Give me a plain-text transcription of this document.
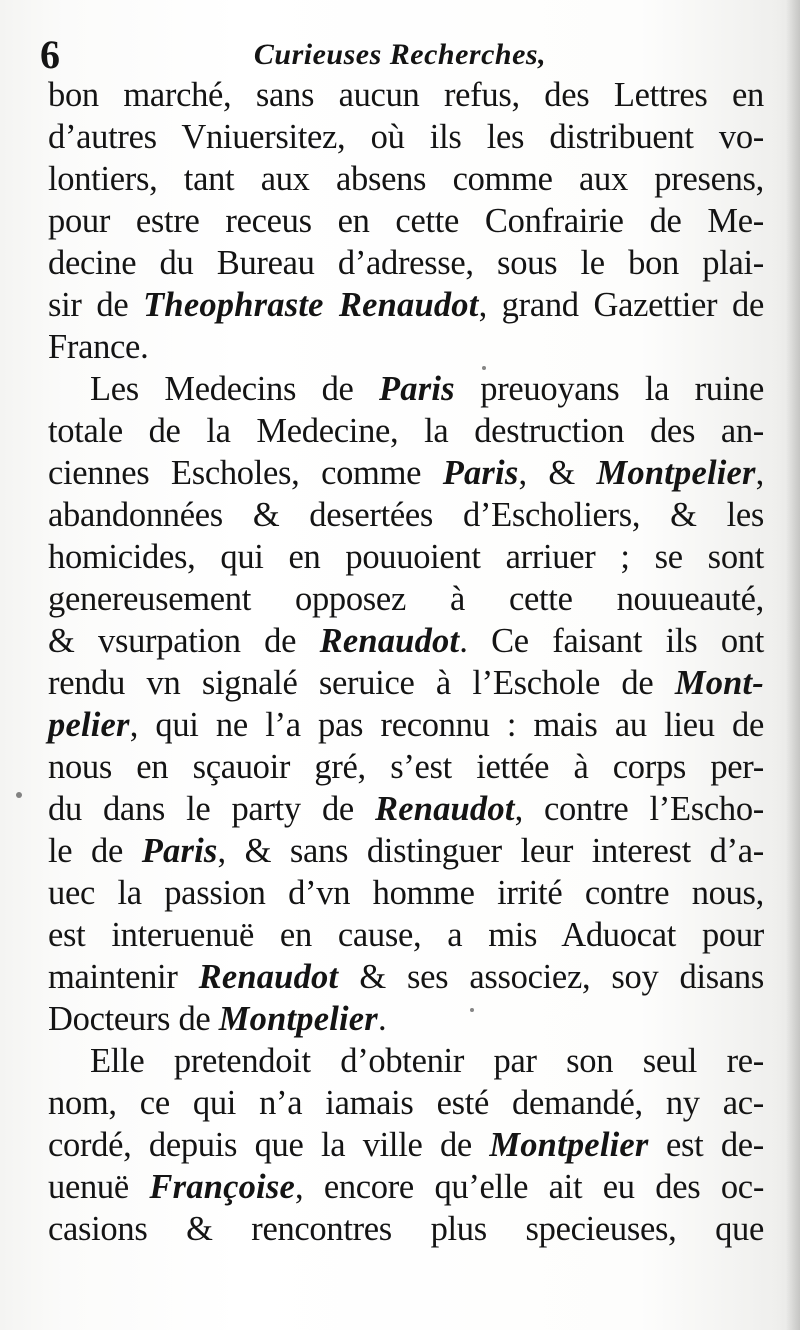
Curieuses Recherches,
6
bon marché, sans aucun refus, des Lettres en
d’autres Vniuersitez, où ils les distribuent vo-
lontiers, tant aux absens comme aux presens,
pour estre receus en cette Confrairie de Me-
decine du Bureau d’adresse, sous le bon plai-
sir de Theophraste Renaudot, grand Gazettier de
France.
Les Medecins de Paris preuoyans la ruine
totale de la Medecine, la destruction des an-
ciennes Escholes, comme Paris, & Montpelier,
abandonnées & desertées d’Escholiers, & les
homicides, qui en pouuoient arriuer ; se sont
genereusement opposez à cette nouueauté,
& vsurpation de Renaudot. Ce faisant ils ont
rendu vn signalé seruice à l’Eschole de Mont-
pelier, qui ne l’a pas reconnu : mais au lieu de
nous en sçauoir gré, s’est iettée à corps per-
du dans le party de Renaudot, contre l’Escho-
le de Paris, & sans distinguer leur interest d’a-
uec la passion d’vn homme irrité contre nous,
est interuenuë en cause, a mis Aduocat pour
maintenir Renaudot & ses associez, soy disans
Docteurs de Montpelier.
Elle pretendoit d’obtenir par son seul re-
nom, ce qui n’a iamais esté demandé, ny ac-
cordé, depuis que la ville de Montpelier est de-
uenuë Françoise, encore qu’elle ait eu des oc-
casions & rencontres plus specieuses, que
